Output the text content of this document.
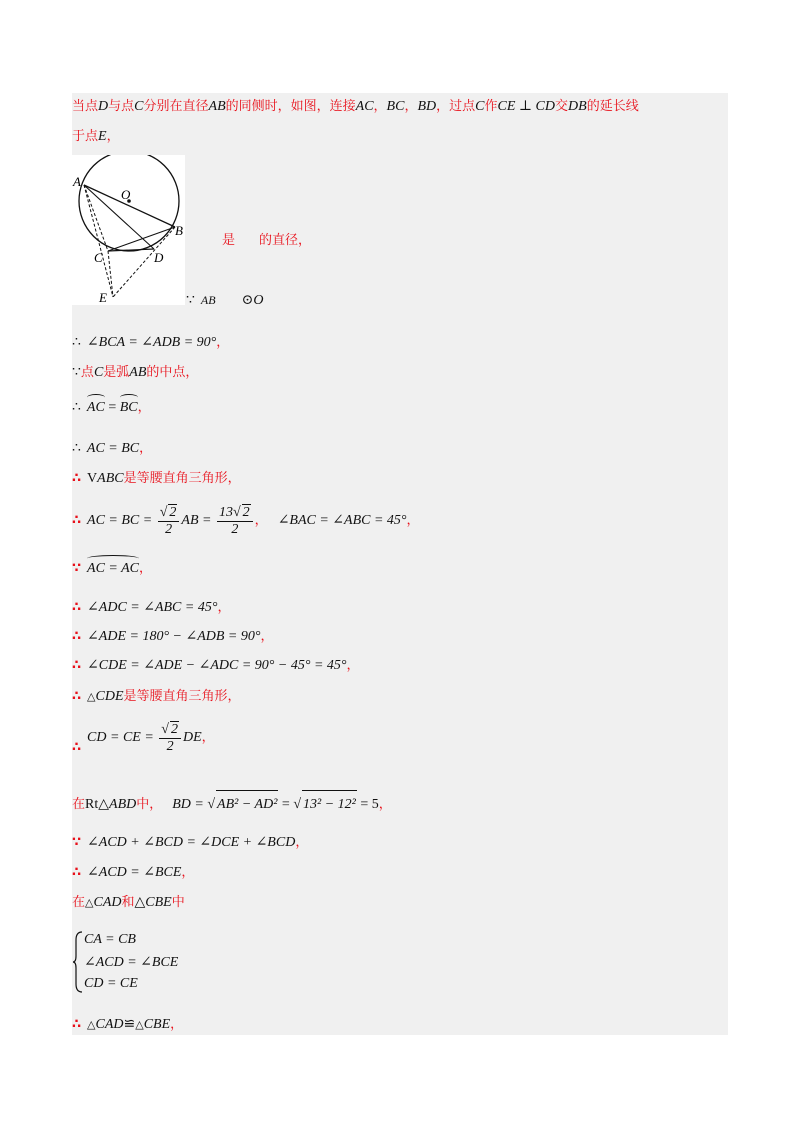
当点D与点C分别在直径AB的同侧时，如图，连接AC，BC，BD，过点C作CE ⊥ CD交DB的延长线
于点E，
A
O
B
C	D
E
是 的直径，
∵ AB ⊙O
∴ ∠BCA = ∠ADB = 90°，
∵点C是弧AB的中点，
∴ AC = BC，
∴ AC = BC，
∴ VABC是等腰直角三角形，
∴ AC = BC = $\frac{√ 2}{2}$ AB = $\frac{13√ 2}{2}$ ， ∠BAC = ∠ABC = 45°，
∵ AC = AC，
∴ ∠ADC = ∠ABC = 45°，
∴ ∠ADE = 180° − ∠ADB = 90°，
∴ ∠CDE = ∠ADE − ∠ADC = 90° − 45° = 45°，
∴ △CDE是等腰直角三角形，
∴CD = CE = $\frac{√ 2}{2}$ DE，
在Rt△ABD中， BD = √ AB² − AD² = √ 13² − 12² = 5，
∵ ∠ACD + ∠BCD = ∠DCE + ∠BCD，
∴ ∠ACD = ∠BCE，
在△CAD和△CBE中
CA = CB
∠ACD = ∠BCE
CD = CE
∴ △CAD≌△CBE，
